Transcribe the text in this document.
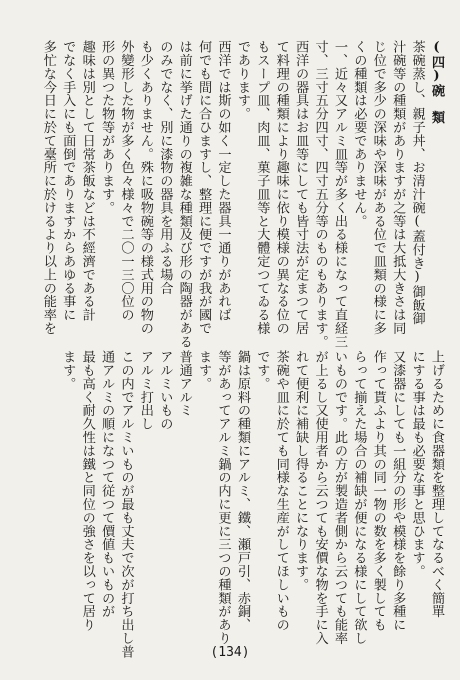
(四)碗　類
茶碗蒸し、親子丼、お清汁碗(蓋付き)御飯御
汁碗等の種類がありますが之等は大抵大きさは同
じ位で多少の深味や深味がある位で皿類の様に多
くの種類は必要でありません。
一、近々又アルミ皿等が多く出る様になって直経三
寸、三寸五分四寸、四寸五分等のものもあります。
西洋の器具はお皿等にしても皆寸法が定まつて居
て料理の種類により趣味に依り模様の異なる位の
もスープ皿、肉皿、菓子皿等と大體定つてゐる様
であります。
西洋では斯の如く一定した器具一通りがあれば
何でも間に合ひますし、整理に便ですが我が國で
は前に挙げた通りの複雑な種類及び形の陶器がある
のみでなく、別に漆物の器具を用ふる場合
も少くありません。殊に吸物碗等の様式用の物の
外變形した物が多く色々様々で二〇一三〇位の
形の異つた物等があります。
趣味は別として日常茶飯などは不經濟である計
でなく手入にも面倒でありますからあゆる事に
多忙な今日に於て臺所に於けるより以上の能率を
上げるために食器類を整理してなるべく簡單
にする事は最も必要な事と思ひます。
又漆器にしても一組分の形や模様を餘り多種に
作って貰ふより其の同一物の数を多く製しても
らって揃えた場合の補缺が便になる様にして欲し
いものです。此の方が製造者側から云つても能率
が上るし又使用者から云つても安價な物を手に入
れて便利に補缺し得ることになります。
茶碗や皿に於ても同様な生産がしてほしいもの
です。
鍋は原料の種類にアルミ、鐵、瀬戸引、赤銅、
等があってアルミ鍋の内に更に三つの種類があり
ます。
普通アルミ
アルミいもの
アルミ打出し
この内でアルミいものが最も丈夫で次が打ち出し普
通アルミの順になつて従つて價値もいものが
最も高く耐久性は鐵と同位の強さを以って居り
ます。
(134)
